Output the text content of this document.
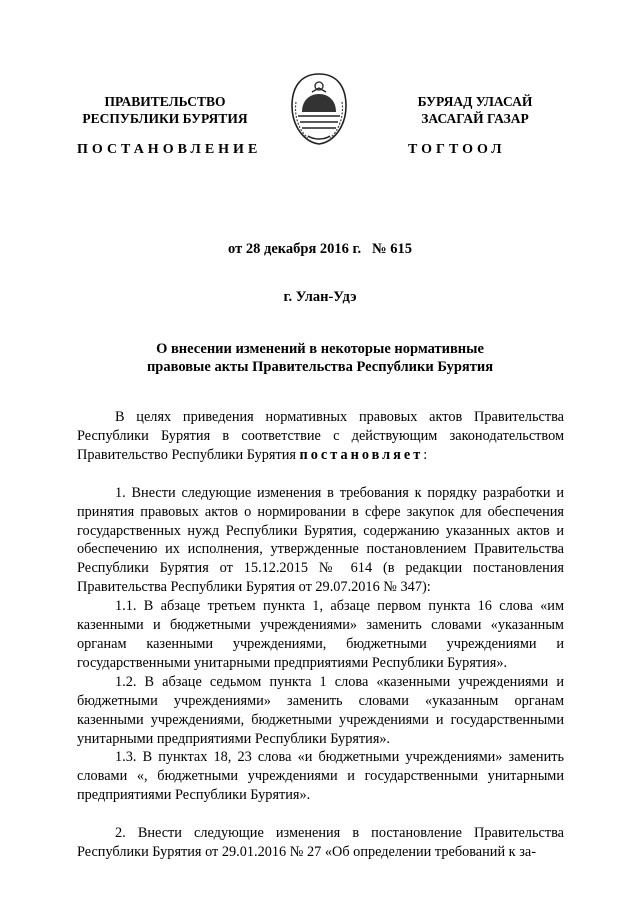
ПРАВИТЕЛЬСТВО
РЕСПУБЛИКИ БУРЯТИЯ
БУРЯАД УЛАСАЙ
ЗАСАГАЙ ГАЗАР
ПОСТАНОВЛЕНИЕ	ТОГТООЛ
от 28 декабря 2016 г.   № 615
г. Улан-Удэ
О внесении изменений в некоторые нормативные
правовые акты Правительства Республики Бурятия

В целях приведения нормативных правовых актов Правительства Республики Бурятия в соответствие с действующим законодательством Правительство Республики Бурятия постановляет:

1. Внести следующие изменения в требования к порядку разработки и принятия правовых актов о нормировании в сфере закупок для обеспечения государственных нужд Республики Бурятия, содержанию указанных актов и обеспечению их исполнения, утвержденные постановлением Правительства Республики Бурятия от 15.12.2015 № 614 (в редакции постановления Правительства Республики Бурятия от 29.07.2016 № 347):

1.1. В абзаце третьем пункта 1, абзаце первом пункта 16 слова «им казенными и бюджетными учреждениями» заменить словами «указанным органам казенными учреждениями, бюджетными учреждениями и государственными унитарными предприятиями Республики Бурятия».

1.2. В абзаце седьмом пункта 1 слова «казенными учреждениями и бюджетными учреждениями» заменить словами «указанным органам казенными учреждениями, бюджетными учреждениями и государственными унитарными предприятиями Республики Бурятия».

1.3. В пунктах 18, 23 слова «и бюджетными учреждениями» заменить словами «, бюджетными учреждениями и государственными унитарными предприятиями Республики Бурятия».

2. Внести следующие изменения в постановление Правительства Республики Бурятия от 29.01.2016 № 27 «Об определении требований к за-
